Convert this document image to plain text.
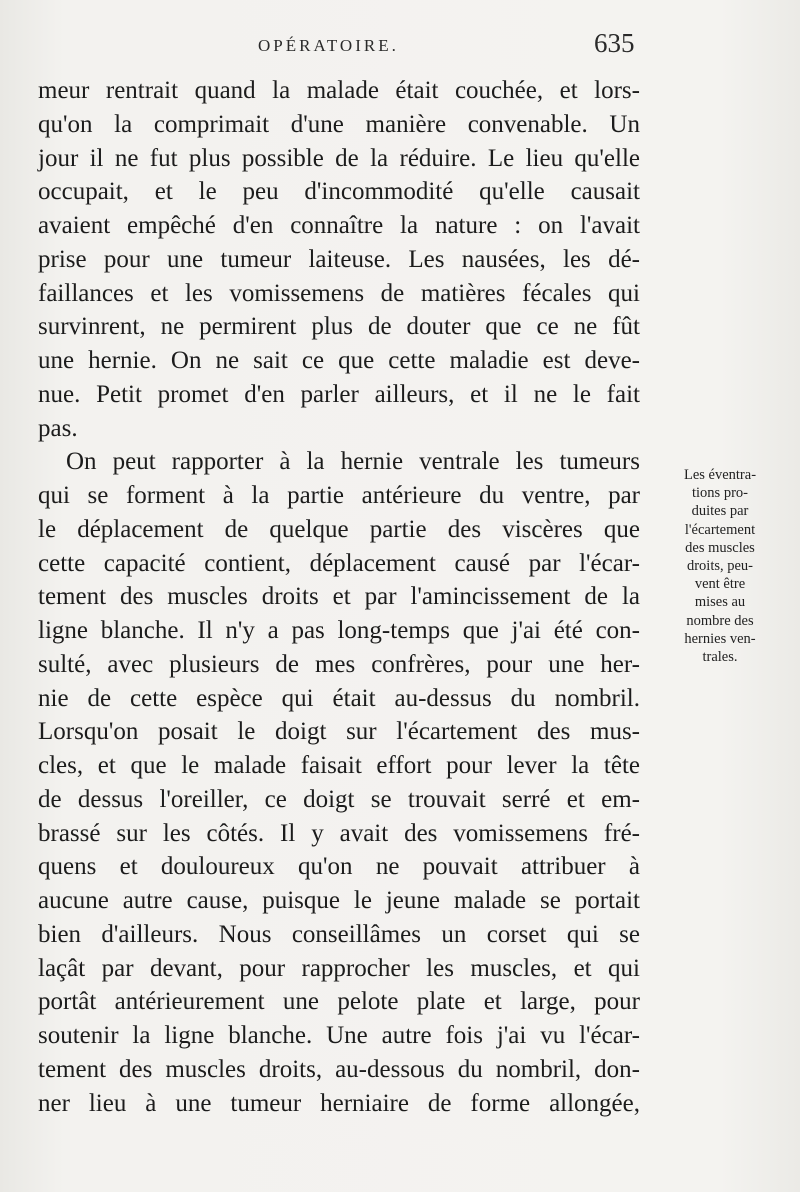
OPÉRATOIRE.	635
meur rentrait quand la malade était couchée, et lors-
qu'on la comprimait d'une manière convenable. Un
jour il ne fut plus possible de la réduire. Le lieu qu'elle
occupait, et le peu d'incommodité qu'elle causait
avaient empêché d'en connaître la nature : on l'avait
prise pour une tumeur laiteuse. Les nausées, les dé-
faillances et les vomissemens de matières fécales qui
survinrent, ne permirent plus de douter que ce ne fût
une hernie. On ne sait ce que cette maladie est deve-
nue. Petit promet d'en parler ailleurs, et il ne le fait
pas.
On peut rapporter à la hernie ventrale les tumeurs
qui se forment à la partie antérieure du ventre, par
le déplacement de quelque partie des viscères que
cette capacité contient, déplacement causé par l'écar-
tement des muscles droits et par l'amincissement de la
ligne blanche. Il n'y a pas long-temps que j'ai été con-
sulté, avec plusieurs de mes confrères, pour une her-
nie de cette espèce qui était au-dessus du nombril.
Lorsqu'on posait le doigt sur l'écartement des mus-
cles, et que le malade faisait effort pour lever la tête
de dessus l'oreiller, ce doigt se trouvait serré et em-
brassé sur les côtés. Il y avait des vomissemens fré-
quens et douloureux qu'on ne pouvait attribuer à
aucune autre cause, puisque le jeune malade se portait
bien d'ailleurs. Nous conseillâmes un corset qui se
laçât par devant, pour rapprocher les muscles, et qui
portât antérieurement une pelote plate et large, pour
soutenir la ligne blanche. Une autre fois j'ai vu l'écar-
tement des muscles droits, au-dessous du nombril, don-
ner lieu à une tumeur herniaire de forme allongée,
Les éventra-
tions pro-
duites par
l'écartement
des muscles
droits, peu-
vent être
mises au
nombre des
hernies ven-
trales.
